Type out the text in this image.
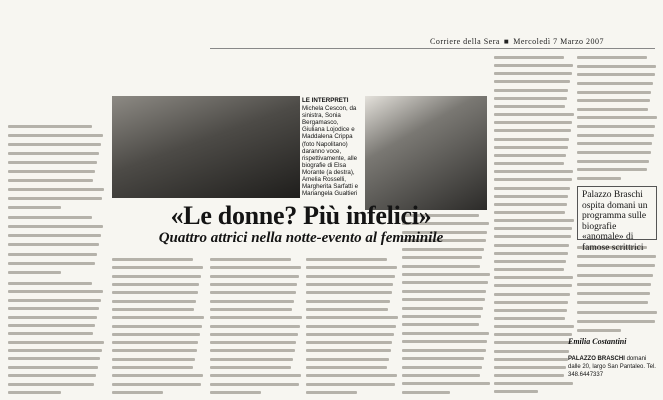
Corriere della Sera ■ Mercoledì 7 Marzo 2007
LE INTERPRETI
Michela Cescon, da sinistra, Sonia Bergamasco, Giuliana Lojodice e Maddalena Crippa (foto Napolitano) daranno voce, rispettivamente, alle biografie di Elsa Morante (a destra), Amelia Rosselli, Margherita Sarfatti e Mariangela Gualtieri
«Le donne? Più infelici»
Quattro attrici nella notte-evento al femminile
Palazzo Braschi ospita domani un programma sulle biografie «anomale» di famose scrittrici
Emilia Costantini
PALAZZO BRASCHI domani dalle 20, largo San Pantaleo. Tel. 348.6447337
